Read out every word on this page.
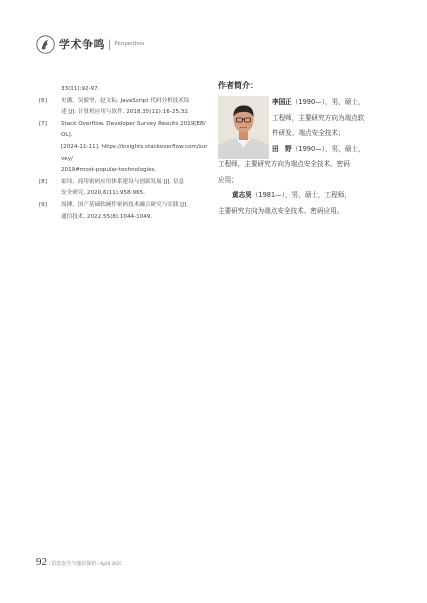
学术争鸣 | Perspectives
33(11):92-97.
[6]	史藩，吴毅坚，赵文耘. JavaScript 代码分析技术综
述 [J]. 计算机应用与软件, 2018,35(11):16-25,32.
[7]	Stack Overflow. Developer Survey Results 2019[EB/OL].
[2024-11-11]. https://insights.stackoverflow.com/survey/
2019#most-popular-technologies.
[8]	霍玮，商用密码应用体系建设与创新发展 [J]. 信息
安全研究, 2020,6(11):958-965.
[9]	周搏，国产基础软硬件密码技术融合研究与实践 [J].
通信技术, 2022,55(8):1044-1049.
作者简介：
李国正（1990—），男，硕士，
工程师，主要研究方向为端点软
件研发、端点安全技术；
田　野（1990—），男，硕士，
工程师，主要研究方向为端点安全技术、密码
应用；
黄志昊（1981—），男，硕士，工程师，
主要研究方向为端点安全技术、密码应用。
92 | 信息安全与通信保密 | April 2025
